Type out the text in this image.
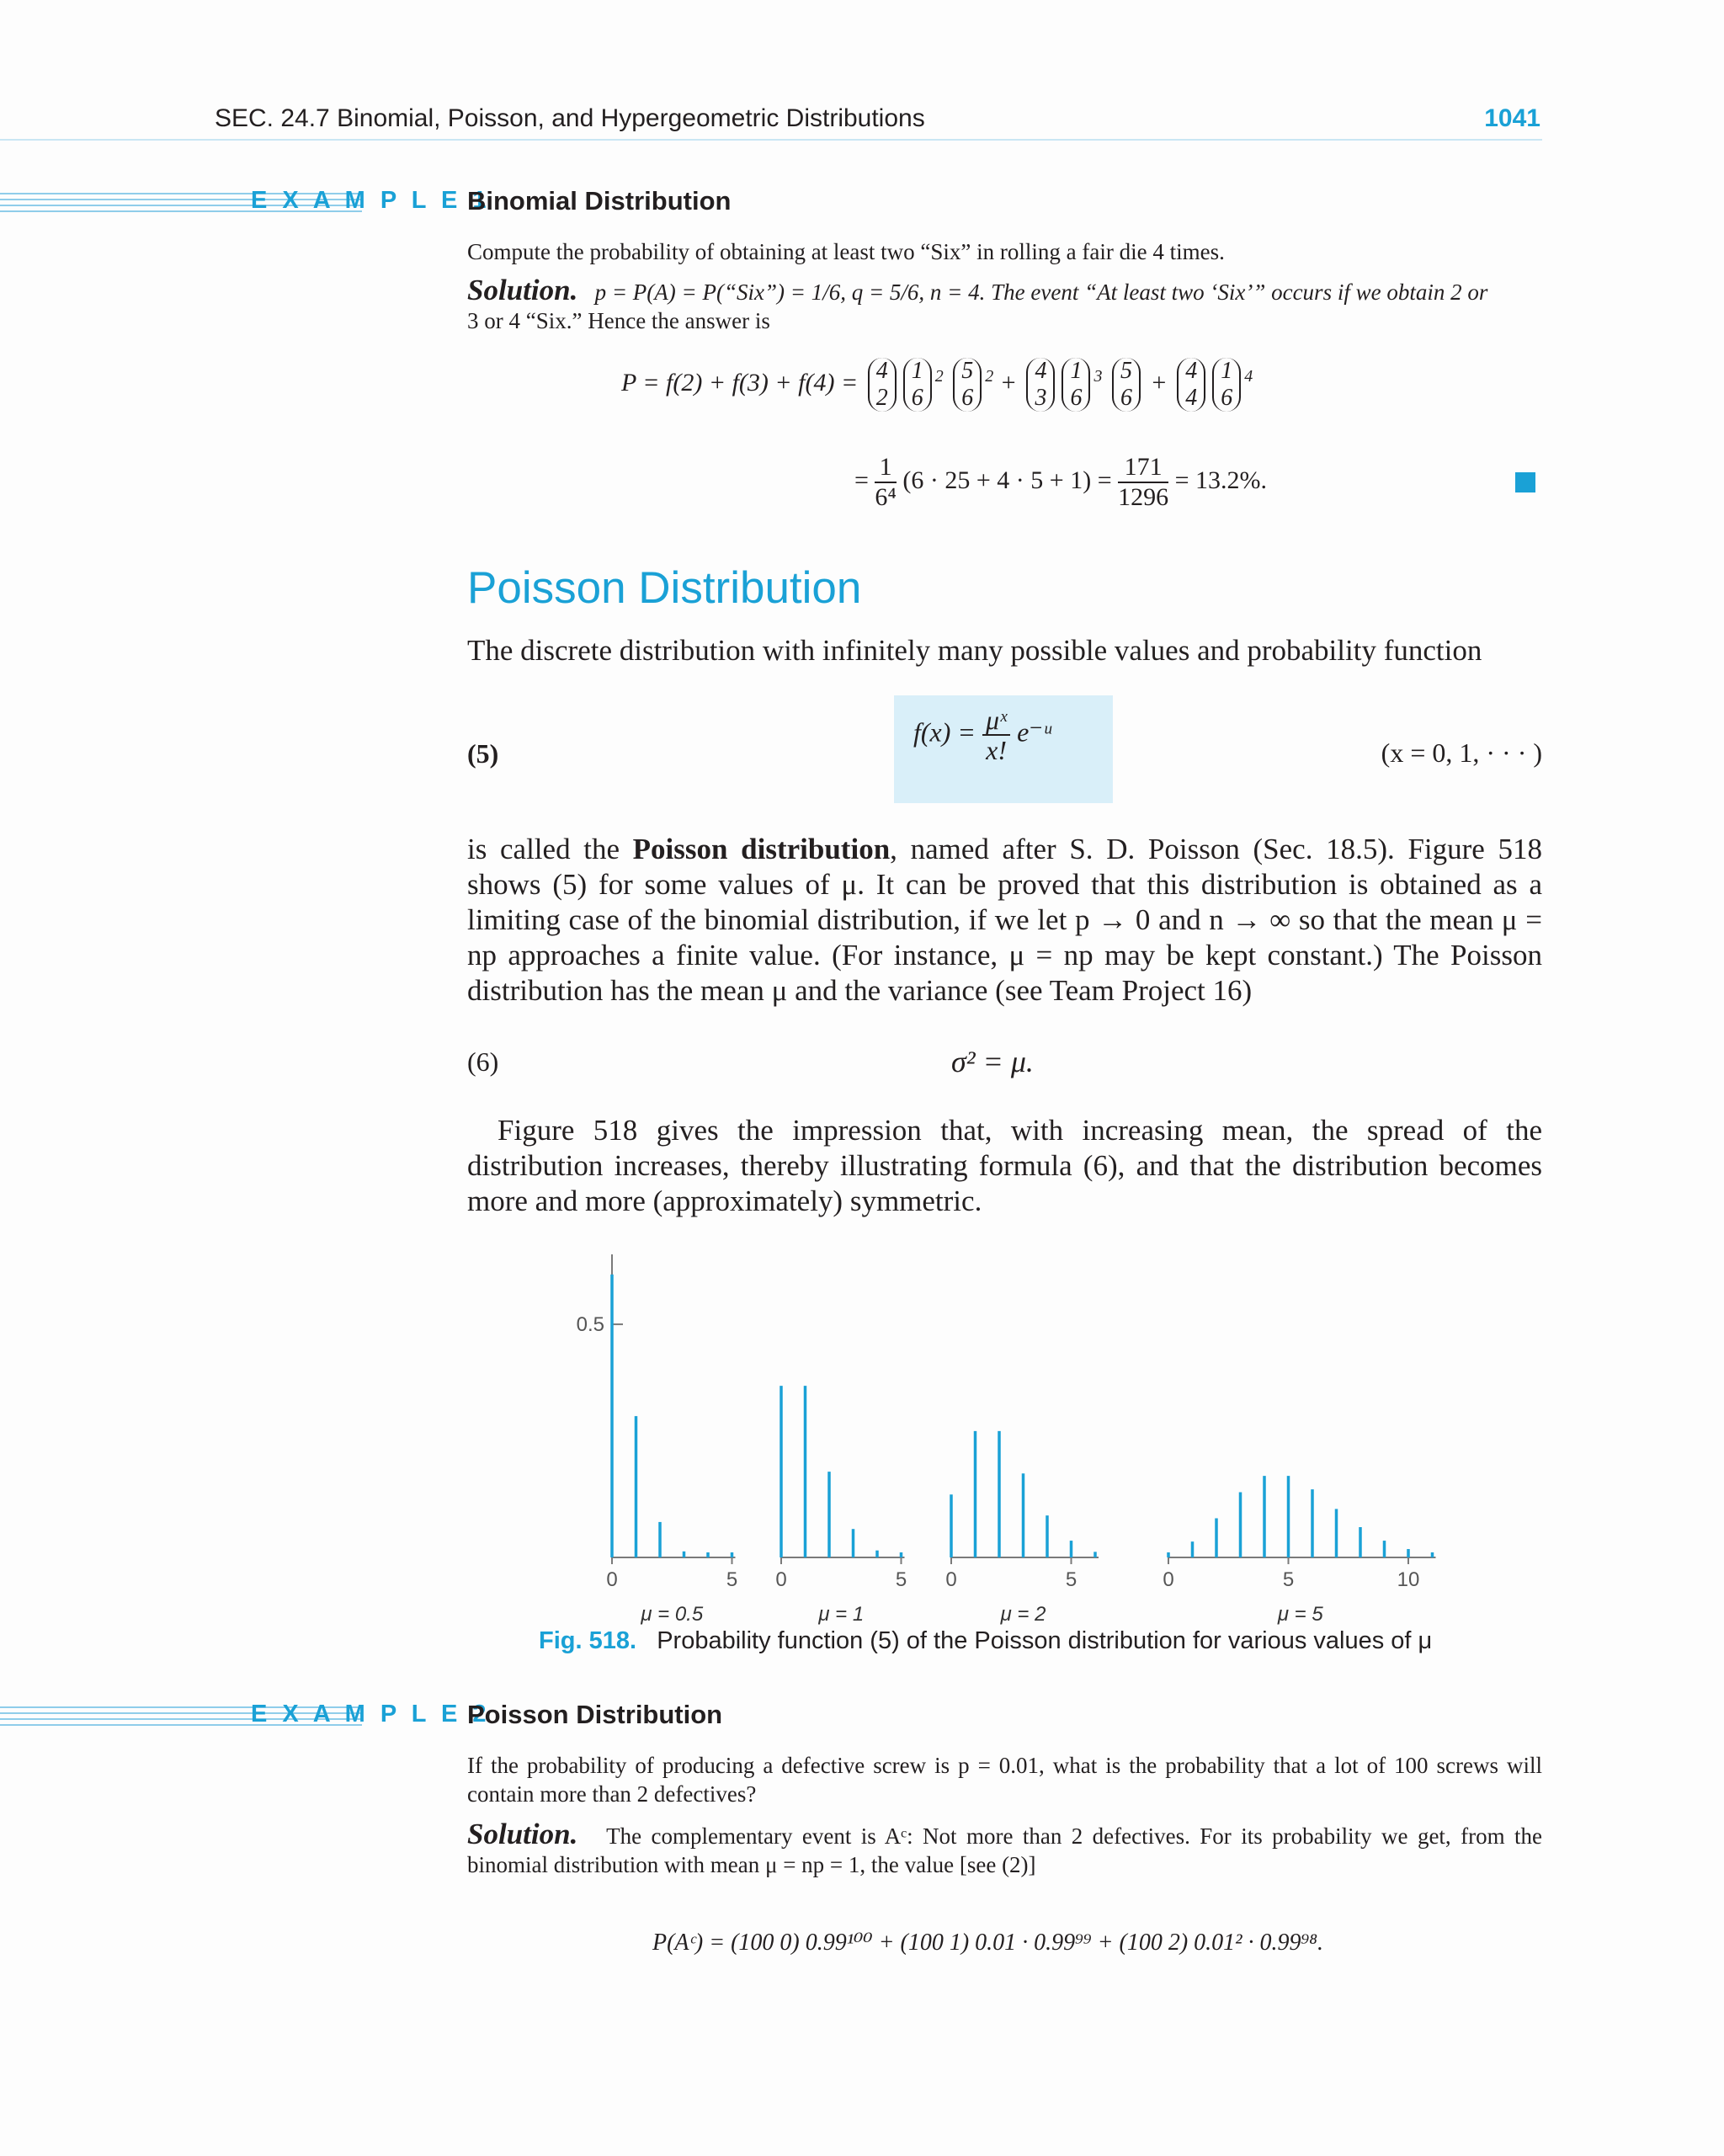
SEC. 24.7 Binomial, Poisson, and Hypergeometric Distributions	1041
E X A M P L E 1
Binomial Distribution
Compute the probability of obtaining at least two “Six” in rolling a fair die 4 times.
Solution. p = P(A) = P(“Six”) = 1/6, q = 5/6, n = 4. The event “At least two ‘Six’” occurs if we obtain 2 or
3 or 4 “Six.” Hence the answer is
P = f(2) + f(3) + f(4) = 4
21
$6^2$ 5
$6^2 + 4$
31
$6^3$ 5
6 + 4
41
$6^4$
= $\frac{1}{\text{6⁴}} (6 \cdot 25 + 4 \cdot 5 + 1) = \frac{171}{1296} = 13.2\%$.
Poisson Distribution
The discrete distribution with infinitely many possible values and probability function
(5)
$f(x) = \frac{\text{μˣ}}{x!}$ e⁻ᵘ
(x = 0, 1, · · · )
is called the Poisson distribution, named after S. D. Poisson (Sec. 18.5). Figure 518 shows (5) for some values of μ. It can be proved that this distribution is obtained as a limiting case of the binomial distribution, if we let p → 0 and n → ∞ so that the mean μ = np approaches a finite value. (For instance, μ = np may be kept constant.) The Poisson distribution has the mean μ and the variance (see Team Project 16)
(6)	σ² = μ.
Figure 518 gives the impression that, with increasing mean, the spread of the distribution increases, thereby illustrating formula (6), and that the distribution becomes more and more (approximately) symmetric.
0.5
0	5
μ = 0.5
0	5
μ = 1
0	5
μ = 2
0	5	10
μ = 5
Fig. 518. Probability function (5) of the Poisson distribution for various values of μ
E X A M P L E 2
Poisson Distribution
If the probability of producing a defective screw is p = 0.01, what is the probability that a lot of 100 screws will contain more than 2 defectives?
Solution. The complementary event is Aᶜ: Not more than 2 defectives. For its probability we get, from the binomial distribution with mean μ = np = 1, the value [see (2)]
P(Aᶜ) = (100 0) 0.99¹⁰⁰ + (100 1) 0.01 · 0.99⁹⁹ + (100 2) 0.01² · 0.99⁹⁸.
